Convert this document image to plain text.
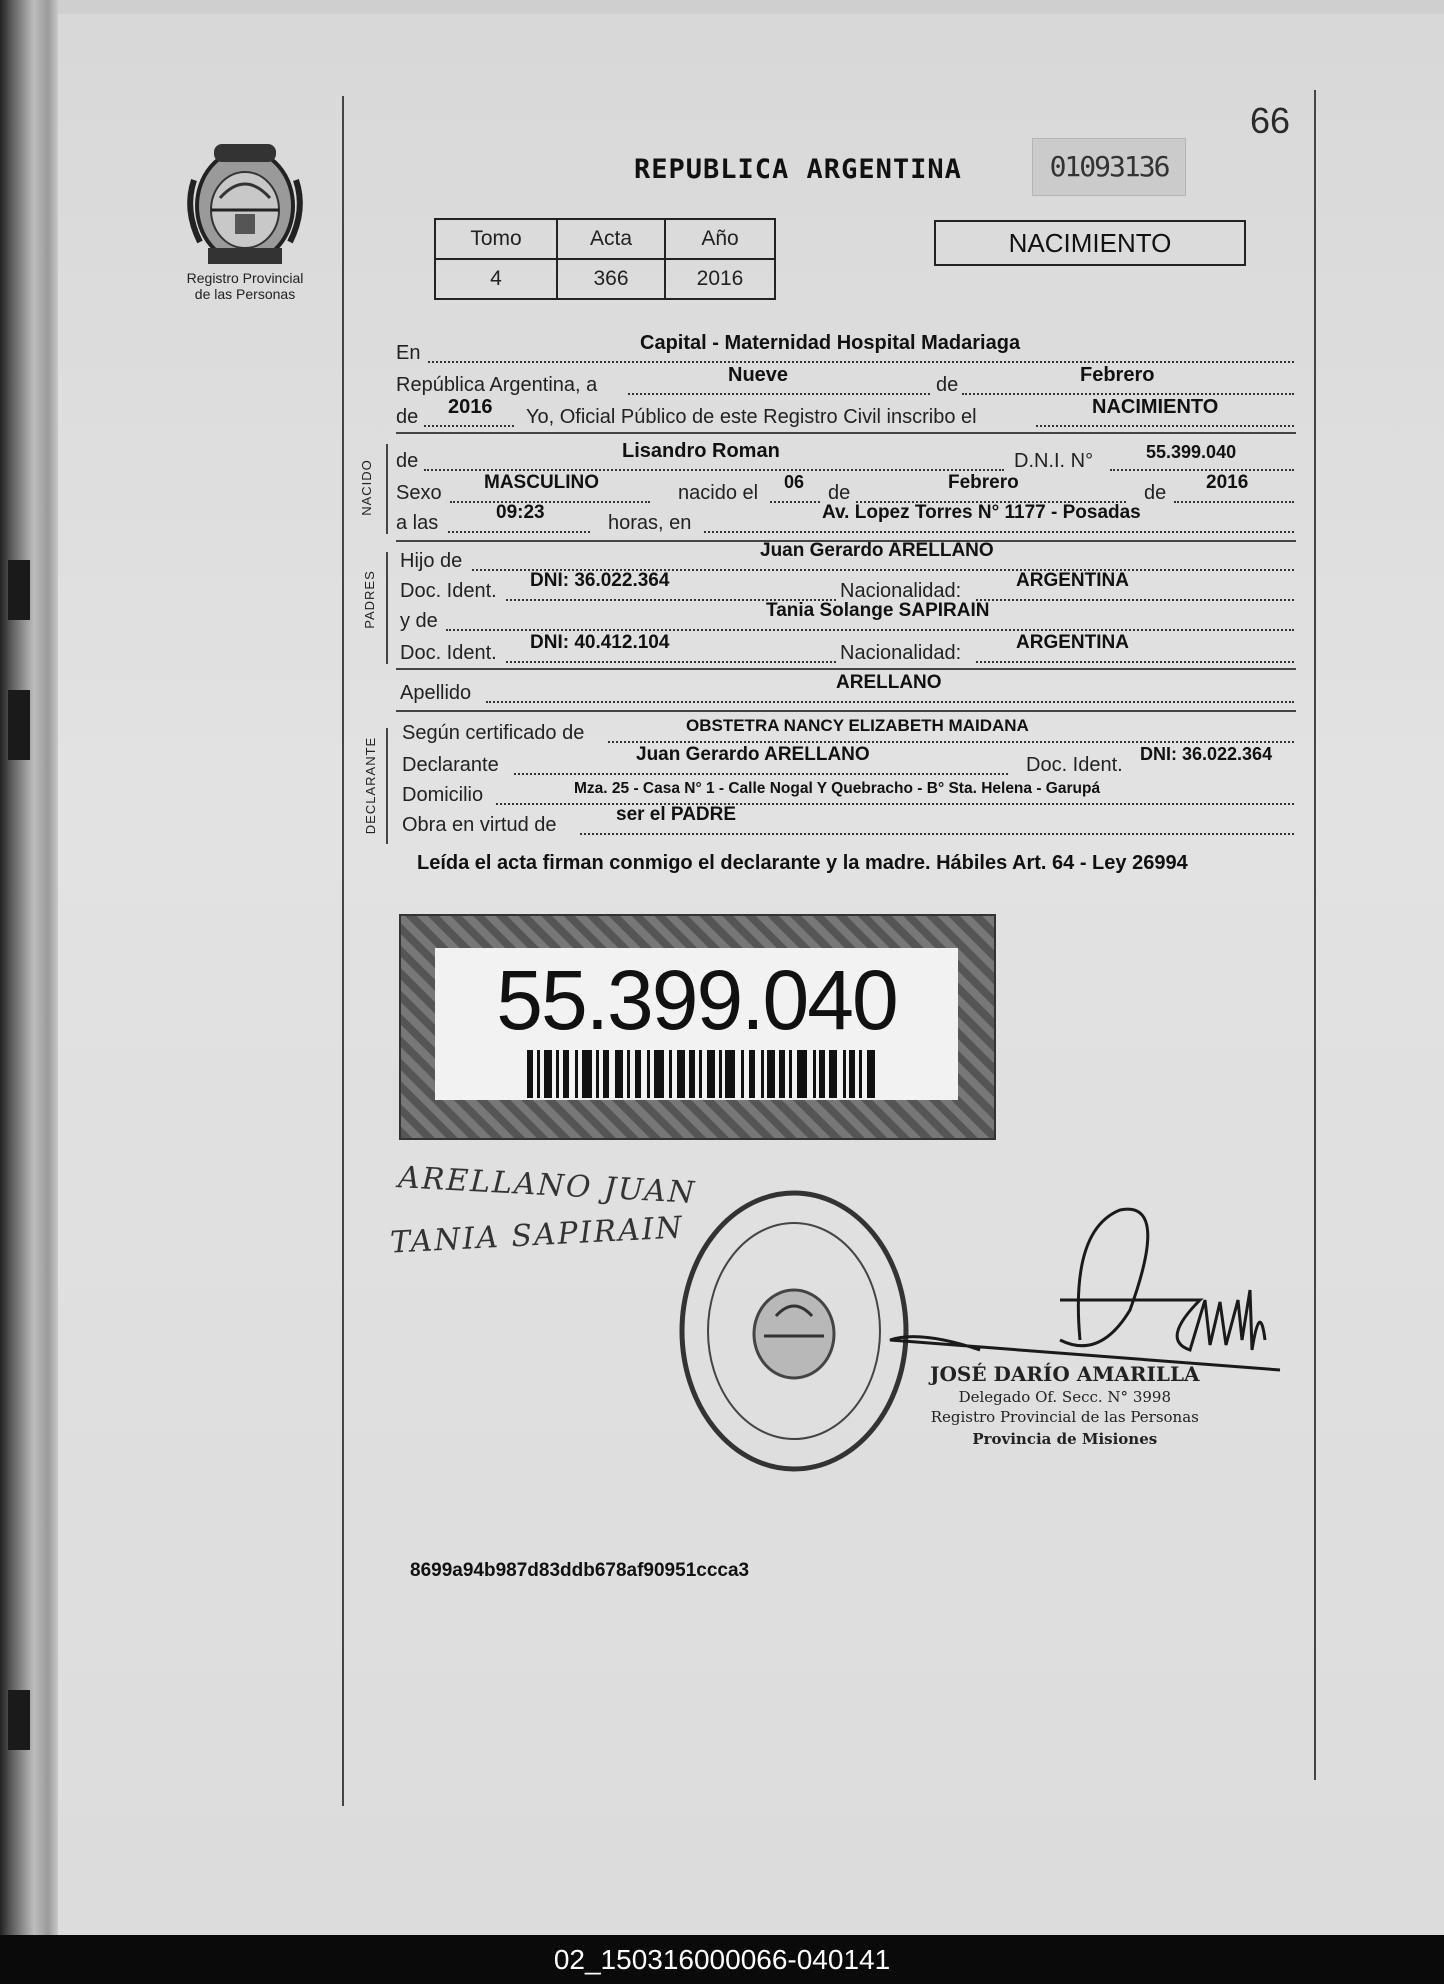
66
Registro Provincial
de las Personas
REPUBLICA ARGENTINA	01093136
Tomo	Acta	Año
4	366	2016
NACIMIENTO
En	Capital - Maternidad Hospital Madariaga
República Argentina, a	Nueve	de	Febrero
de 2016 Yo, Oficial Público de este Registro Civil inscribo el	NACIMIENTO
NACIDO de	Lisandro Roman	D.N.I. N°	55.399.040
Sexo MASCULINO	nacido el 06 de	Febrero	de 2016
a las	09:23	horas, en	Av. Lopez Torres N° 1177 - Posadas
PADRES
Hijo de	Juan Gerardo ARELLANO
Doc. Ident. DNI: 36.022.364	Nacionalidad:	ARGENTINA
y de	Tania Solange SAPIRAIN
Doc. Ident. DNI: 40.412.104	Nacionalidad:	ARGENTINA
Apellido	ARELLANO
DECLARANTE
Según certificado de	OBSTETRA NANCY ELIZABETH MAIDANA
Declarante	Juan Gerardo ARELLANO	Doc. Ident. DNI: 36.022.364
Domicilio	Mza. 25 - Casa N° 1 - Calle Nogal Y Quebracho - B° Sta. Helena - Garupá
Obra en virtud de	ser el PADRE
Leída el acta firman conmigo el declarante y la madre. Hábiles Art. 64 - Ley 26994
55.399.040
ARELLANO JUAN
TANIA SAPIRAIN
JOSÉ DARÍO AMARILLA
Delegado Of. Secc. N° 3998
Registro Provincial de las Personas
Provincia de Misiones
8699a94b987d83ddb678af90951ccca3
02_150316000066-040141
